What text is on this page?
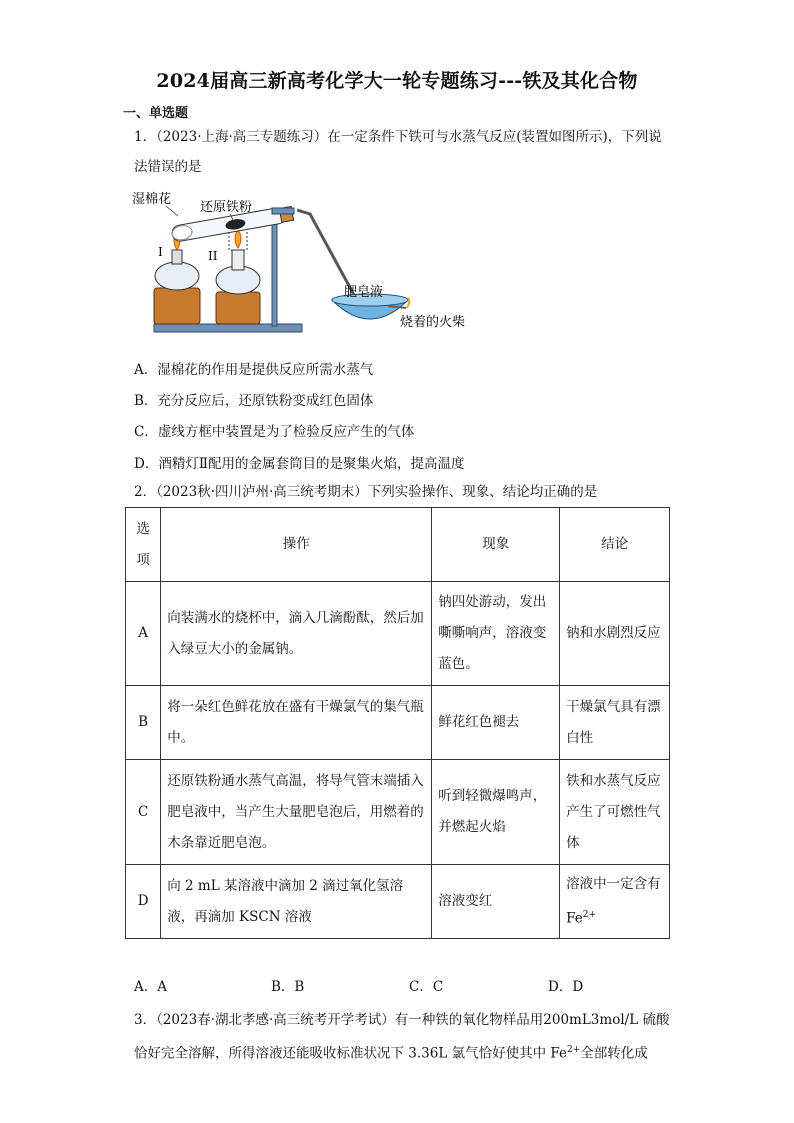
2024届高三新高考化学大一轮专题练习---铁及其化合物
一、单选题
1．（2023·上海·高三专题练习）在一定条件下铁可与水蒸气反应(装置如图所示)，下列说法错误的是
湿棉花
还原铁粉
I	II
肥皂液
烧着的火柴
A．湿棉花的作用是提供反应所需水蒸气
B．充分反应后，还原铁粉变成红色固体
C．虚线方框中装置是为了检验反应产生的气体
D．酒精灯Ⅱ配用的金属套筒目的是聚集火焰，提高温度
2．（2023秋·四川泸州·高三统考期末）下列实验操作、现象、结论均正确的是
选项	操作	现象	结论
A	向装满水的烧杯中，滴入几滴酚酞，然后加入绿豆大小的金属钠。	钠四处游动，发出嘶嘶响声，溶液变蓝色。	钠和水剧烈反应
B	将一朵红色鲜花放在盛有干燥氯气的集气瓶中。	鲜花红色褪去	干燥氯气具有漂白性
C	还原铁粉通水蒸气高温，将导气管末端插入肥皂液中，当产生大量肥皂泡后，用燃着的木条靠近肥皂泡。	听到轻微爆鸣声，并燃起火焰	铁和水蒸气反应产生了可燃性气体
D	向 2 mL 某溶液中滴加 2 滴过氧化氢溶液，再滴加 KSCN 溶液	溶液变红	溶液中一定含有$Fe^{2+}$
A．A	B．B	C．C	D．D
3．（2023春·湖北孝感·高三统考开学考试）有一种铁的氧化物样品用200mL3mol/L 硫酸恰好完全溶解，所得溶液还能吸收标准状况下 3.36L 氯气恰好使其中 $Fe^{2+}$全部转化成
